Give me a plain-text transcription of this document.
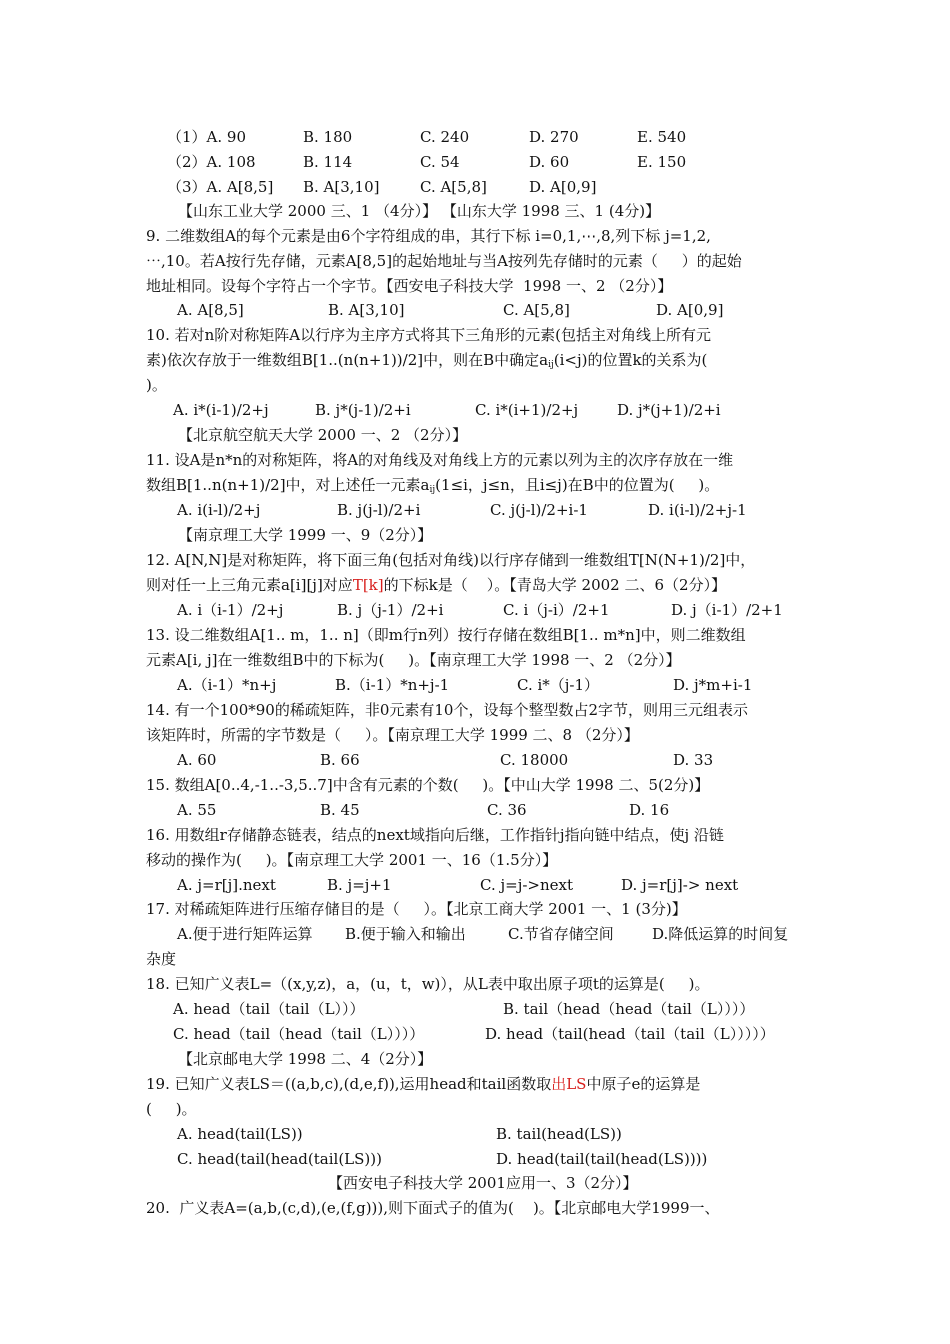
（1）A. 90	B. 180	C. 240	D. 270	E. 540
（2）A. 108	B. 114	C. 54	D. 60	E. 150
（3）A. A[8,5] B. A[3,10]	C. A[5,8]	D. A[0,9]
【山东工业大学 2000 三、1 （4分）】 【山东大学 1998 三、1 (4分)】
9. 二维数组A的每个元素是由6个字符组成的串，其行下标 i=0,1,⋯,8,列下标 j=1,2,
⋯,10。若A按行先存储，元素A[8,5]的起始地址与当A按列先存储时的元素（     ）的起始
地址相同。设每个字符占一个字节。【西安电子科技大学  1998 一、2 （2分）】
A. A[8,5]	B. A[3,10]	C. A[5,8]	D. A[0,9]
10. 若对n阶对称矩阵A以行序为主序方式将其下三角形的元素(包括主对角线上所有元
素)依次存放于一维数组B[1..(n(n+1))/2]中，则在B中确定$a_{ij}(i<j)$的位置k的关系为(
)。
A. i*(i-1)/2+j	B. j*(j-1)/2+i	C. i*(i+1)/2+j	D. j*(j+1)/2+i
【北京航空航天大学 2000 一、2 （2分）】
11. 设A是n*n的对称矩阵，将A的对角线及对角线上方的元素以列为主的次序存放在一维
数组B[1..n(n+1)/2]中，对上述任一元素$a_{ij}(1\le i$，j≤n，且i≤j)在B中的位置为(     )。
A. i(i-l)/2+j	B. j(j-l)/2+i	C. j(j-l)/2+i-1	D. i(i-l)/2+j-1
【南京理工大学 1999 一、9（2分）】
12. A[N,N]是对称矩阵，将下面三角(包括对角线)以行序存储到一维数组T[N(N+1)/2]中，
则对任一上三角元素a[i][j]对应T[k]的下标k是（    ）。【青岛大学 2002 二、6（2分）】
A. i（i-1）/2+j	B. j（j-1）/2+i	C. i（j-i）/2+1	D. j（i-1）/2+1
13. 设二维数组A[1.. m，1.. n]（即m行n列）按行存储在数组B[1.. m*n]中，则二维数组
元素A[i, j]在一维数组B中的下标为(     )。【南京理工大学 1998 一、2 （2分）】
A.（i-1）*n+j	B.（i-1）*n+j-1	C. i*（j-1）	D. j*m+i-1
14. 有一个100*90的稀疏矩阵，非0元素有10个，设每个整型数占2字节，则用三元组表示
该矩阵时，所需的字节数是（     ）。【南京理工大学 1999 二、8 （2分）】
A. 60	B. 66	C. 18000	D. 33
15. 数组A[0..4,-1..-3,5..7]中含有元素的个数(     )。【中山大学 1998 二、5(2分)】
A. 55	B. 45	C. 36	D. 16
16. 用数组r存储静态链表，结点的next域指向后继，工作指针j指向链中结点，使j 沿链
移动的操作为(     )。【南京理工大学 2001 一、16（1.5分）】
A. j=r[j].next	B. j=j+1	C. j=j->next	D. j=r[j]-> next
17. 对稀疏矩阵进行压缩存储目的是（     ）。【北京工商大学 2001 一、1 (3分)】
A.便于进行矩阵运算 B.便于输入和输出	C.节省存储空间	D.降低运算的时间复
杂度
18. 已知广义表L=（(x,y,z)，a，(u，t，w)），从L表中取出原子项t的运算是(     )。
A. head（tail（tail（L）））	B. tail（head（head（tail（L））））
C. head（tail（head（tail（L））））	D. head（tail(head（tail（tail（L）））））
【北京邮电大学 1998 二、4（2分）】
19. 已知广义表LS＝((a,b,c),(d,e,f)),运用head和tail函数取出LS中原子e的运算是
(     )。
A. head(tail(LS))	B. tail(head(LS))
C. head(tail(head(tail(LS)))	D. head(tail(tail(head(LS))))
【西安电子科技大学 2001应用一、3（2分）】
20.  广义表A=(a,b,(c,d),(e,(f,g))),则下面式子的值为(    )。【北京邮电大学1999一、
